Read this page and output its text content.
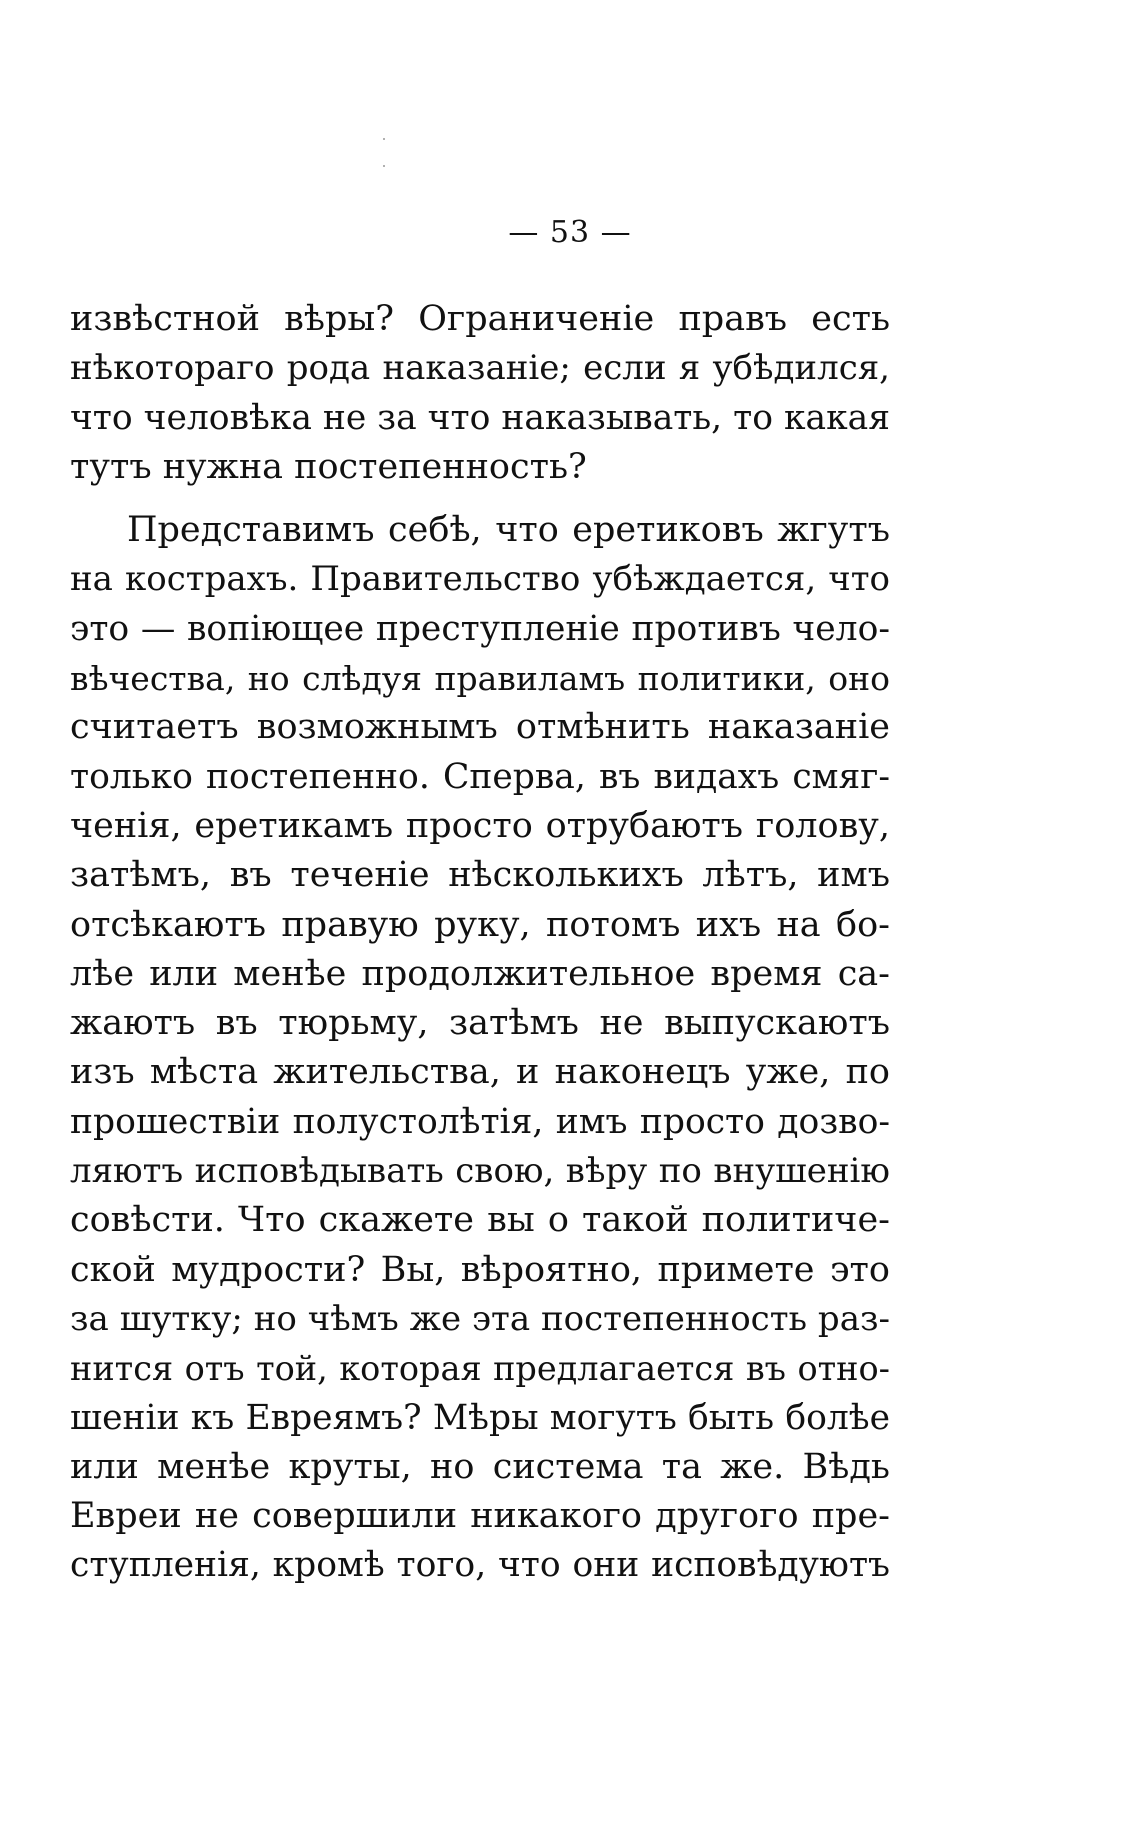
— 53 —
извѣстной вѣры? Ограниченіе правъ есть
нѣкотораго рода наказаніе; если я убѣдился,
что человѣка не за что наказывать, то какая
тутъ нужна постепенность?
Представимъ себѣ, что еретиковъ жгутъ
на кострахъ. Правительство убѣждается, что
это — вопіющее преступленіе противъ чело-
вѣчества, но слѣдуя правиламъ политики, оно
считаетъ возможнымъ отмѣнить наказаніе
только постепенно. Сперва, въ видахъ смяг-
ченія, еретикамъ просто отрубаютъ голову,
затѣмъ, въ теченіе нѣсколькихъ лѣтъ, имъ
отсѣкаютъ правую руку, потомъ ихъ на бо-
лѣе или менѣе продолжительное время са-
жаютъ въ тюрьму, затѣмъ не выпускаютъ
изъ мѣста жительства, и наконецъ уже, по
прошествіи полустолѣтія, имъ просто дозво-
ляютъ исповѣдывать свою, вѣру по внушенію
совѣсти. Что скажете вы о такой политиче-
ской мудрости? Вы, вѣроятно, примете это
за шутку; но чѣмъ же эта постепенность раз-
нится отъ той, которая предлагается въ отно-
шеніи къ Евреямъ? Мѣры могутъ быть болѣе
или менѣе круты, но система та же. Вѣдь
Евреи не совершили никакого другого пре-
ступленія, кромѣ того, что они исповѣдуютъ
